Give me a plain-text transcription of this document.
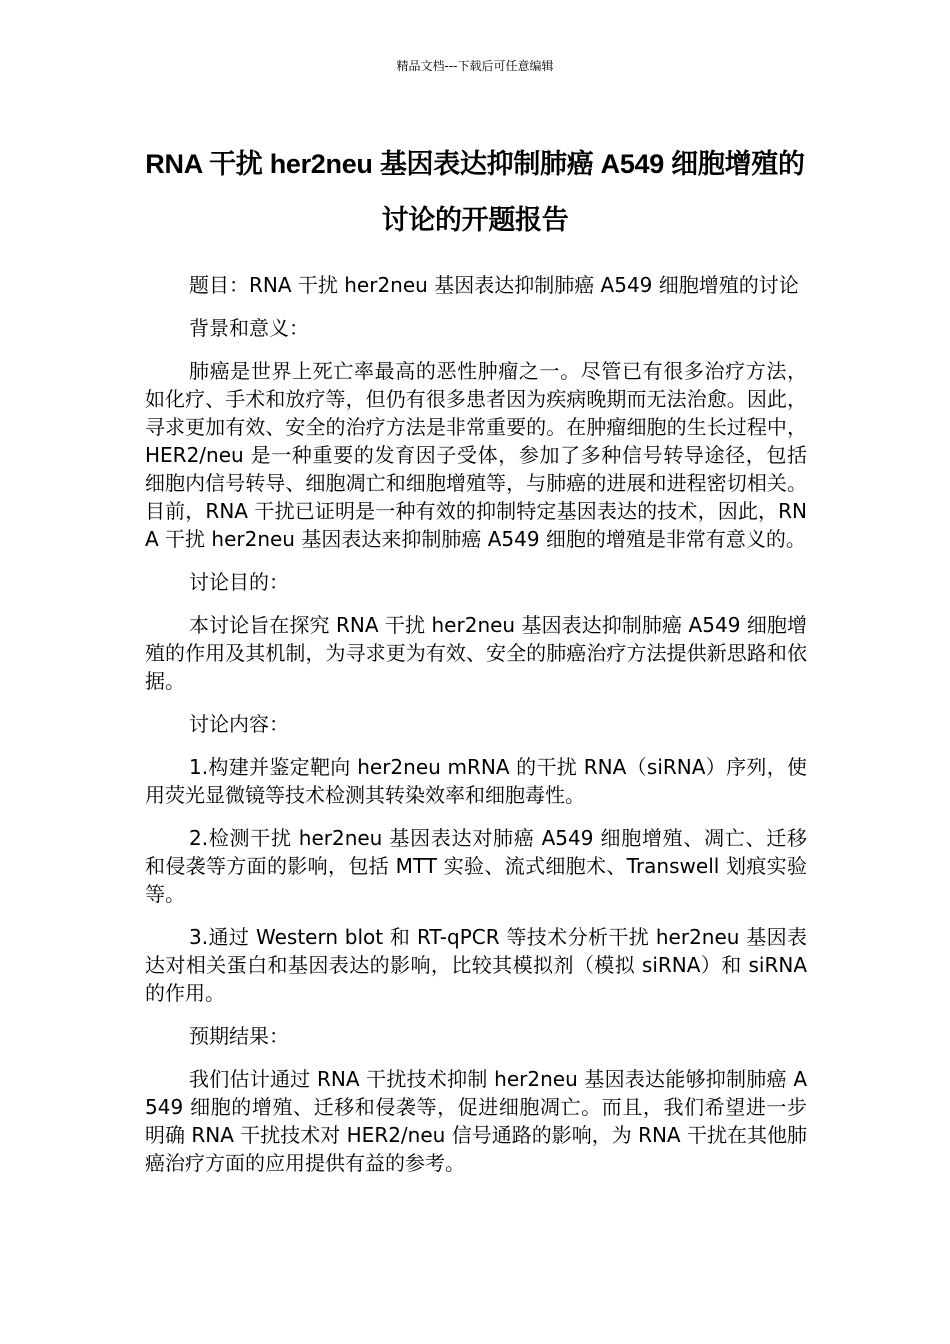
精品文档---下载后可任意编辑
RNA 干扰 her2neu 基因表达抑制肺癌 A549 细胞增殖的讨论的开题报告

题目：RNA 干扰 her2neu 基因表达抑制肺癌 A549 细胞增殖的讨论

背景和意义：

肺癌是世界上死亡率最高的恶性肿瘤之一。尽管已有很多治疗方法，如化疗、手术和放疗等，但仍有很多患者因为疾病晚期而无法治愈。因此，寻求更加有效、安全的治疗方法是非常重要的。在肿瘤细胞的生长过程中，HER2/neu 是一种重要的发育因子受体，参加了多种信号转导途径，包括细胞内信号转导、细胞凋亡和细胞增殖等，与肺癌的进展和进程密切相关。目前，RNA 干扰已证明是一种有效的抑制特定基因表达的技术，因此，RNA 干扰 her2neu 基因表达来抑制肺癌 A549 细胞的增殖是非常有意义的。

讨论目的：

本讨论旨在探究 RNA 干扰 her2neu 基因表达抑制肺癌 A549 细胞增殖的作用及其机制，为寻求更为有效、安全的肺癌治疗方法提供新思路和依据。

讨论内容：

1.构建并鉴定靶向 her2neu mRNA 的干扰 RNA（siRNA）序列，使用荧光显微镜等技术检测其转染效率和细胞毒性。

2.检测干扰 her2neu 基因表达对肺癌 A549 细胞增殖、凋亡、迁移和侵袭等方面的影响，包括 MTT 实验、流式细胞术、Transwell 划痕实验等。

3.通过 Western blot 和 RT-qPCR 等技术分析干扰 her2neu 基因表达对相关蛋白和基因表达的影响，比较其模拟剂（模拟 siRNA）和 siRNA 的作用。

预期结果：

我们估计通过 RNA 干扰技术抑制 her2neu 基因表达能够抑制肺癌 A549 细胞的增殖、迁移和侵袭等，促进细胞凋亡。而且，我们希望进一步明确 RNA 干扰技术对 HER2/neu 信号通路的影响，为 RNA 干扰在其他肺癌治疗方面的应用提供有益的参考。
